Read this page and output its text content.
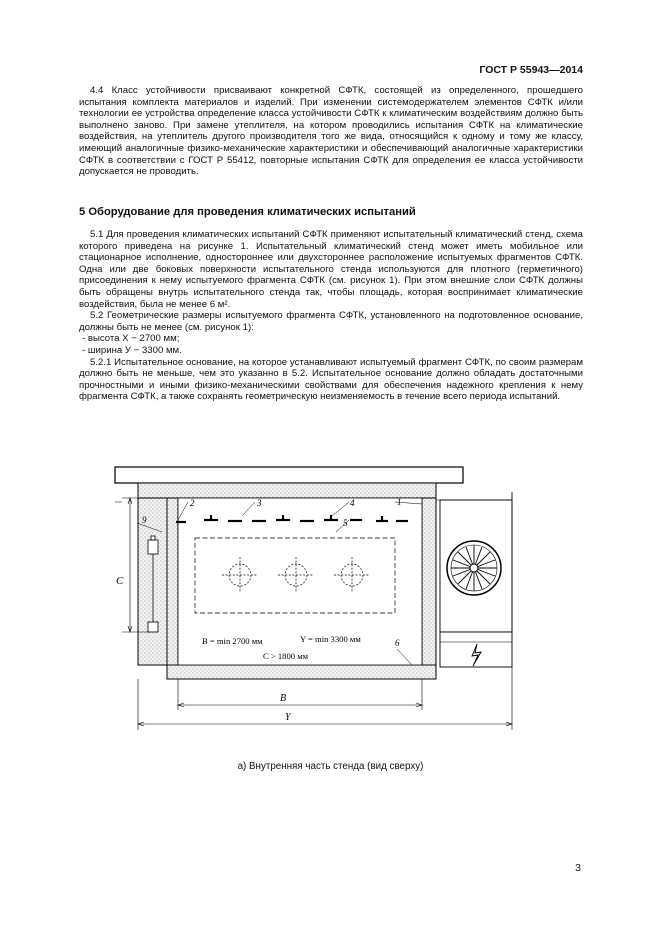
ГОСТ Р 55943—2014

4.4 Класс устойчивости присваивают конкретной СФТК, состоящей из определенного, прошедшего испытания комплекта материалов и изделий. При изменении системодержателем элементов СФТК и/или технологии ее устройства определение класса устойчивости СФТК к климатическим воздействиям должно быть выполнено заново. При замене утеплителя, на котором проводились испытания СФТК на климатические воздействия, на утеплитель другого производителя того же вида, относящийся к одному и тому же классу, имеющий аналогичные физико-механические характеристики и обеспечивающий аналогичные характеристики СФТК в соответствии с ГОСТ Р 55412, повторные испытания СФТК для определения ее класса устойчивости допускается не проводить.

5 Оборудование для проведения климатических испытаний

5.1 Для проведения климатических испытаний СФТК применяют испытательный климатический стенд, схема которого приведена на рисунке 1. Испытательный климатический стенд может иметь мобильное или стационарное исполнение, одностороннее или двухстороннее расположение испытуемых фрагментов СФТК. Одна или две боковых поверхности испытательного стенда используются для плотного (герметичного) присоединения к нему испытуемого фрагмента СФТК (см. рисунок 1). При этом внешние слои СФТК должны быть обращены внутрь испытательного стенда так, чтобы площадь, которая воспринимает климатические воздействия, была не менее 6 м².

5.2 Геометрические размеры испытуемого фрагмента СФТК, установленного на подготовленное основание, должны быть не менее (см. рисунок 1):

- высота X − 2700 мм;

- ширина У − 3300 мм.

5.2.1 Испытательное основание, на которое устанавливают испытуемый фрагмент СФТК, по своим размерам должно быть не меньше, чем это указанно в 5.2. Испытательное основание должно обладать достаточными прочностными и иными физико-механическими свойствами для обеспечения надежного крепления к нему фрагмента СФТК, а также сохранять геометрическую неизменяемость в течение всего периода испытаний.

C
B
Y
B = min 2700 мм	Y = min 3300 мм
C > 1800 мм
1
2	3	4
5
6
9
а) Внутренняя часть стенда (вид сверху)
3
